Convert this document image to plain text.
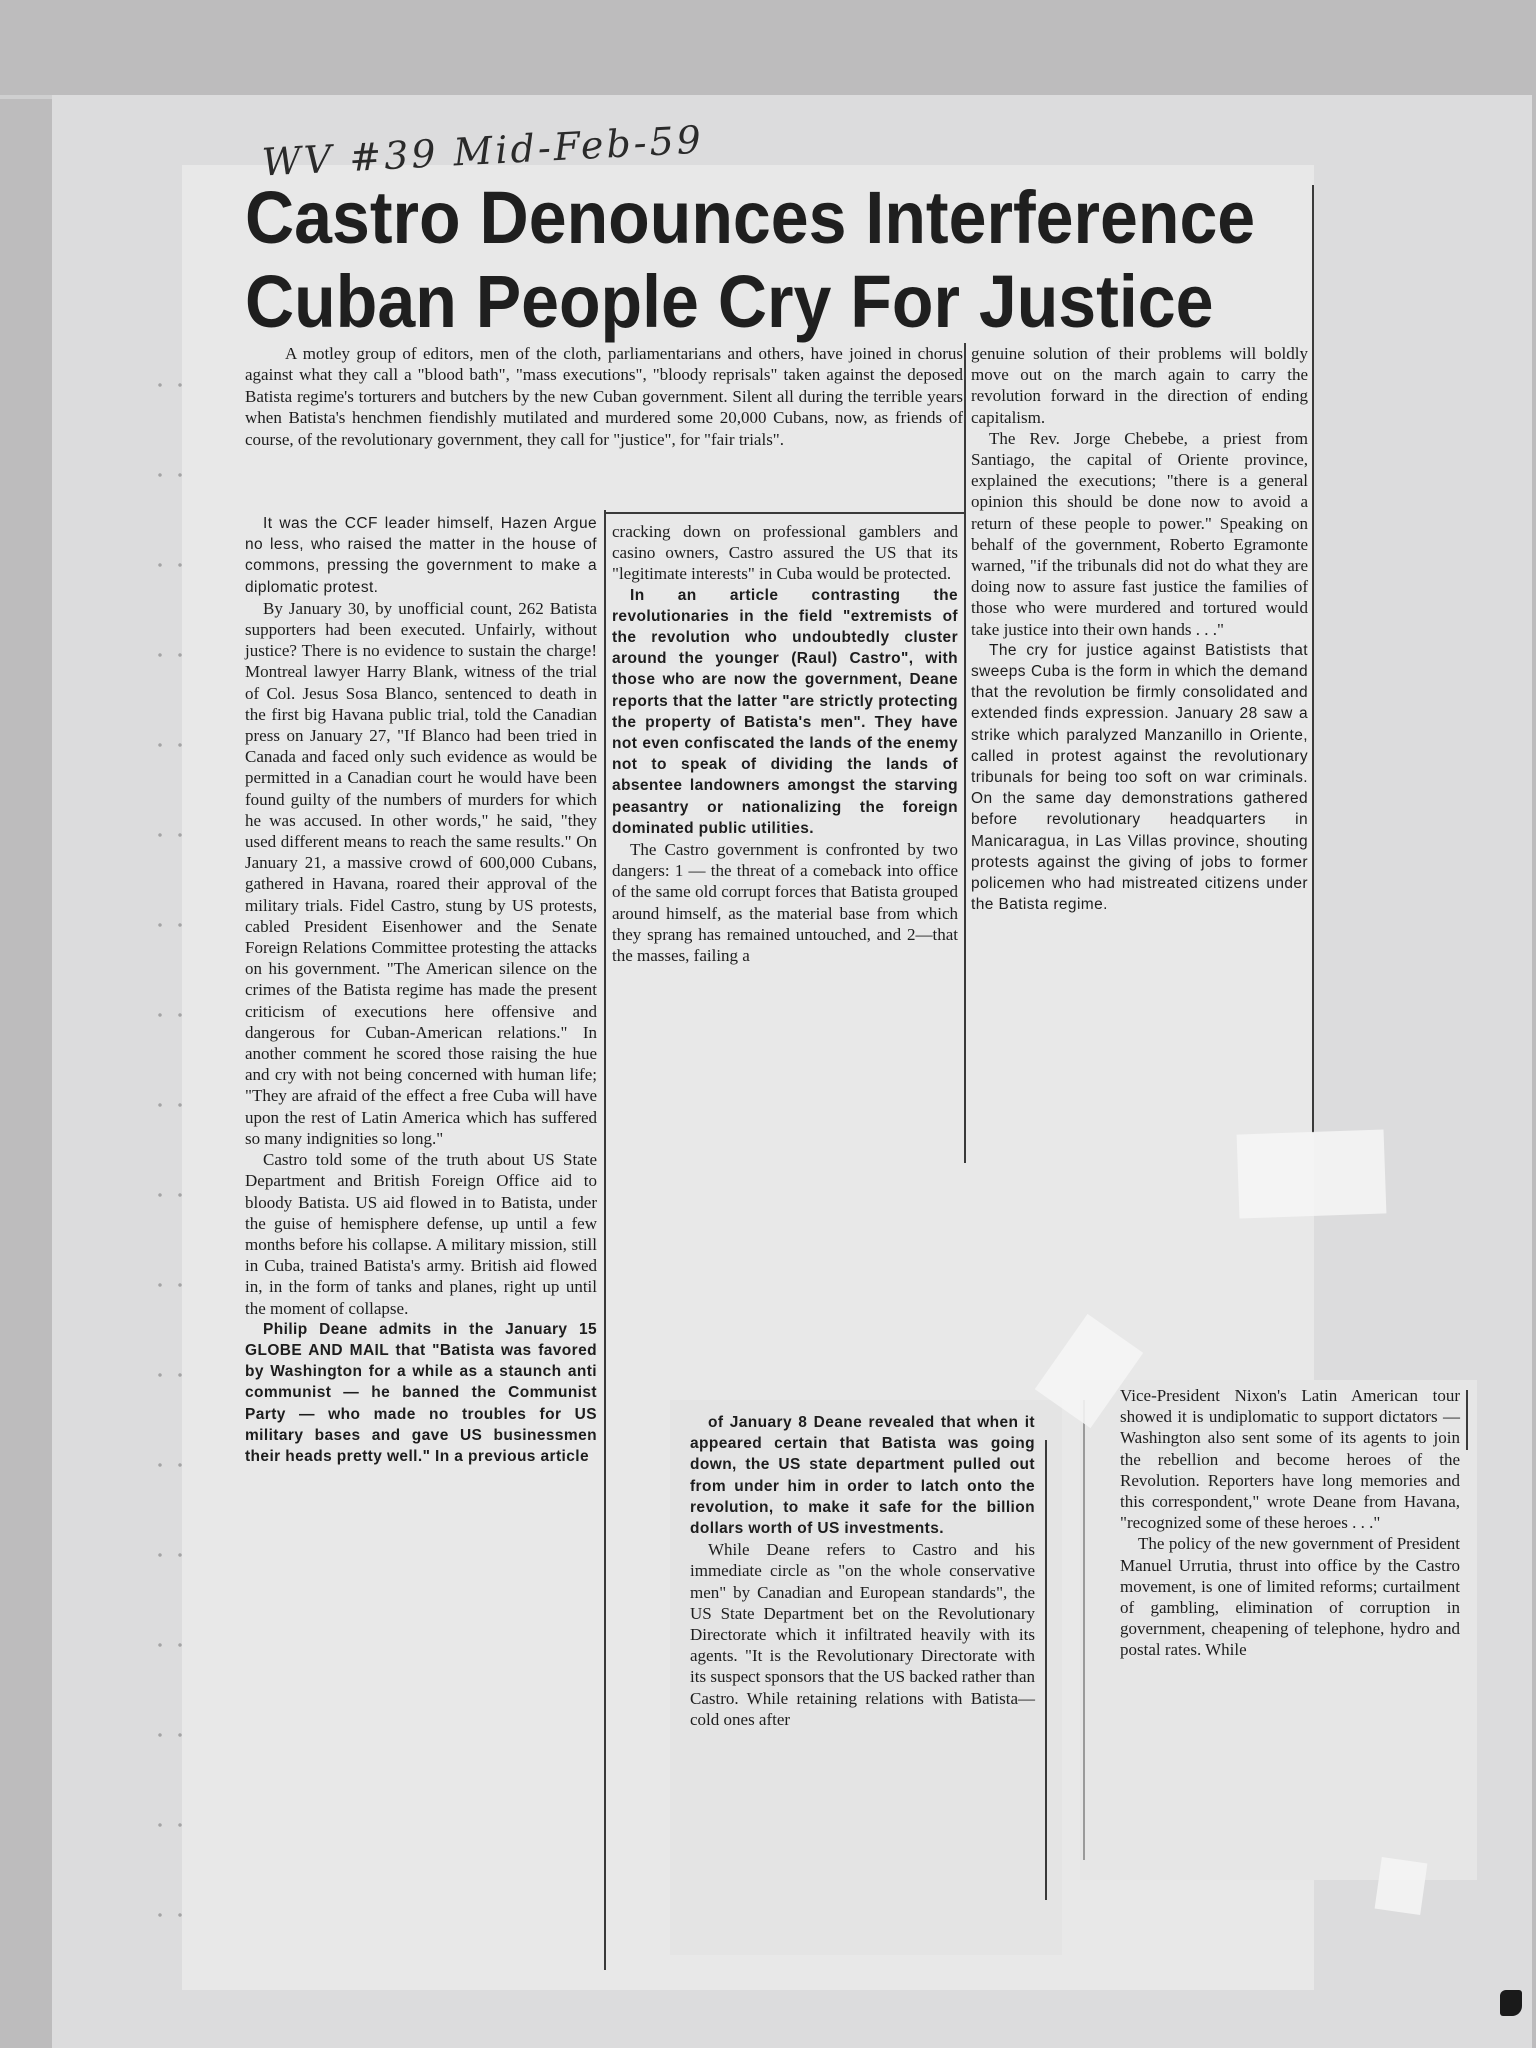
WV #39 Mid-Feb-59
Castro Denounces Interference
Cuban People Cry For Justice

A motley group of editors, men of the cloth, parliamentarians and others, have joined in chorus against what they call a "blood bath", "mass executions", "bloody reprisals" taken against the deposed Batista regime's torturers and butchers by the new Cuban government. Silent all during the terrible years when Batista's henchmen fiendishly mutilated and murdered some 20,000 Cubans, now, as friends of course, of the revolutionary government, they call for "justice", for "fair trials".

It was the CCF leader himself, Hazen Argue no less, who raised the matter in the house of commons, pressing the government to make a diplomatic protest.

By January 30, by unofficial count, 262 Batista supporters had been executed. Unfairly, without justice? There is no evidence to sustain the charge! Montreal lawyer Harry Blank, witness of the trial of Col. Jesus Sosa Blanco, sentenced to death in the first big Havana public trial, told the Canadian press on January 27, "If Blanco had been tried in Canada and faced only such evidence as would be permitted in a Canadian court he would have been found guilty of the numbers of murders for which he was accused. In other words," he said, "they used different means to reach the same results." On January 21, a massive crowd of 600,000 Cubans, gathered in Havana, roared their approval of the military trials. Fidel Castro, stung by US protests, cabled President Eisenhower and the Senate Foreign Relations Committee protesting the attacks on his government. "The American silence on the crimes of the Batista regime has made the present criticism of executions here offensive and dangerous for Cuban-American relations." In another comment he scored those raising the hue and cry with not being concerned with human life; "They are afraid of the effect a free Cuba will have upon the rest of Latin America which has suffered so many indignities so long."

Castro told some of the truth about US State Department and British Foreign Office aid to bloody Batista. US aid flowed in to Batista, under the guise of hemisphere defense, up until a few months before his collapse. A military mission, still in Cuba, trained Batista's army. British aid flowed in, in the form of tanks and planes, right up until the moment of collapse.

Philip Deane admits in the January 15 GLOBE AND MAIL that "Batista was favored by Washington for a while as a staunch anti communist — he banned the Communist Party — who made no troubles for US military bases and gave US businessmen their heads pretty well." In a previous article

cracking down on professional gamblers and casino owners, Castro assured the US that its "legitimate interests" in Cuba would be protected.

In an article contrasting the revolutionaries in the field "extremists of the revolution who undoubtedly cluster around the younger (Raul) Castro", with those who are now the government, Deane reports that the latter "are strictly protecting the property of Batista's men". They have not even confiscated the lands of the enemy not to speak of dividing the lands of absentee landowners amongst the starving peasantry or nationalizing the foreign dominated public utilities.

The Castro government is confronted by two dangers: 1 — the threat of a comeback into office of the same old corrupt forces that Batista grouped around himself, as the material base from which they sprang has remained untouched, and 2—that the masses, failing a

genuine solution of their problems will boldly move out on the march again to carry the revolution forward in the direction of ending capitalism.

The Rev. Jorge Chebebe, a priest from Santiago, the capital of Oriente province, explained the executions; "there is a general opinion this should be done now to avoid a return of these people to power." Speaking on behalf of the government, Roberto Egramonte warned, "if the tribunals did not do what they are doing now to assure fast justice the families of those who were murdered and tortured would take justice into their own hands . . ."

The cry for justice against Batistists that sweeps Cuba is the form in which the demand that the revolution be firmly consolidated and extended finds expression. January 28 saw a strike which paralyzed Manzanillo in Oriente, called in protest against the revolutionary tribunals for being too soft on war criminals. On the same day demonstrations gathered before revolutionary headquarters in Manicaragua, in Las Villas province, shouting protests against the giving of jobs to former policemen who had mistreated citizens under the Batista regime.

of January 8 Deane revealed that when it appeared certain that Batista was going down, the US state department pulled out from under him in order to latch onto the revolution, to make it safe for the billion dollars worth of US investments.

While Deane refers to Castro and his immediate circle as "on the whole conservative men" by Canadian and European standards", the US State Department bet on the Revolutionary Directorate which it infiltrated heavily with its agents. "It is the Revolutionary Directorate with its suspect sponsors that the US backed rather than Castro. While retaining relations with Batista—cold ones after

Vice-President Nixon's Latin American tour showed it is undiplomatic to support dictators — Washington also sent some of its agents to join the rebellion and become heroes of the Revolution. Reporters have long memories and this correspondent," wrote Deane from Havana, "recognized some of these heroes . . ."

The policy of the new government of President Manuel Urrutia, thrust into office by the Castro movement, is one of limited reforms; curtailment of gambling, elimination of corruption in government, cheapening of telephone, hydro and postal rates. While
